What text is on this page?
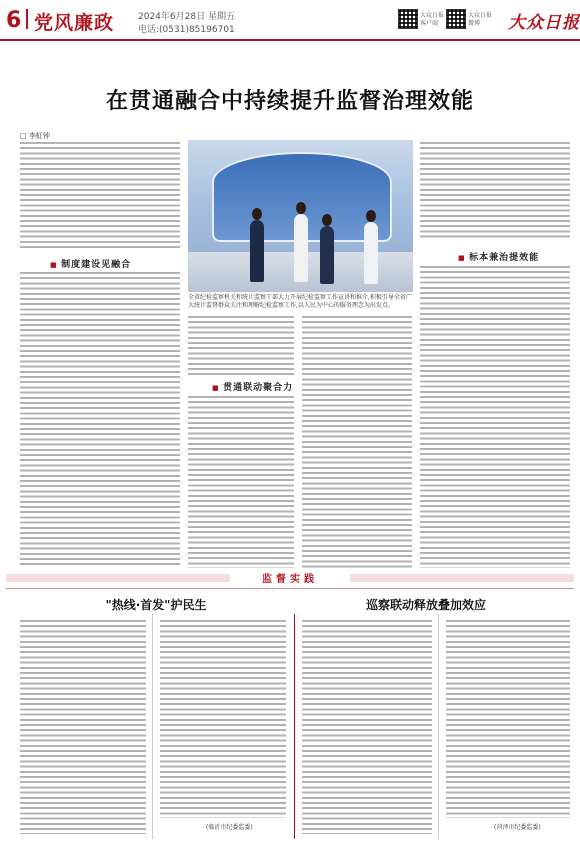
6 党风廉政	2024年6月28日 星期五
电话:(0531)85196701
大众日报客户端
大众日报微博	大众日报
在贯通融合中持续提升监督治理效能
□ 李虹钟
■ 制度建设见融合
■ 标本兼治提效能
全省纪检监察机关和统计监察干部大力开展纪检监察工作宣讲和推介,积极引导全省广大统计监督群众关注和理解纪检监察工作,以人民为中心的服务理念为出发点。
■ 贯通联动聚合力
监督实践
"热线·首发"护民生	巡察联动释放叠加效应
(临沂市纪委监委)	(菏泽市纪委监委)
